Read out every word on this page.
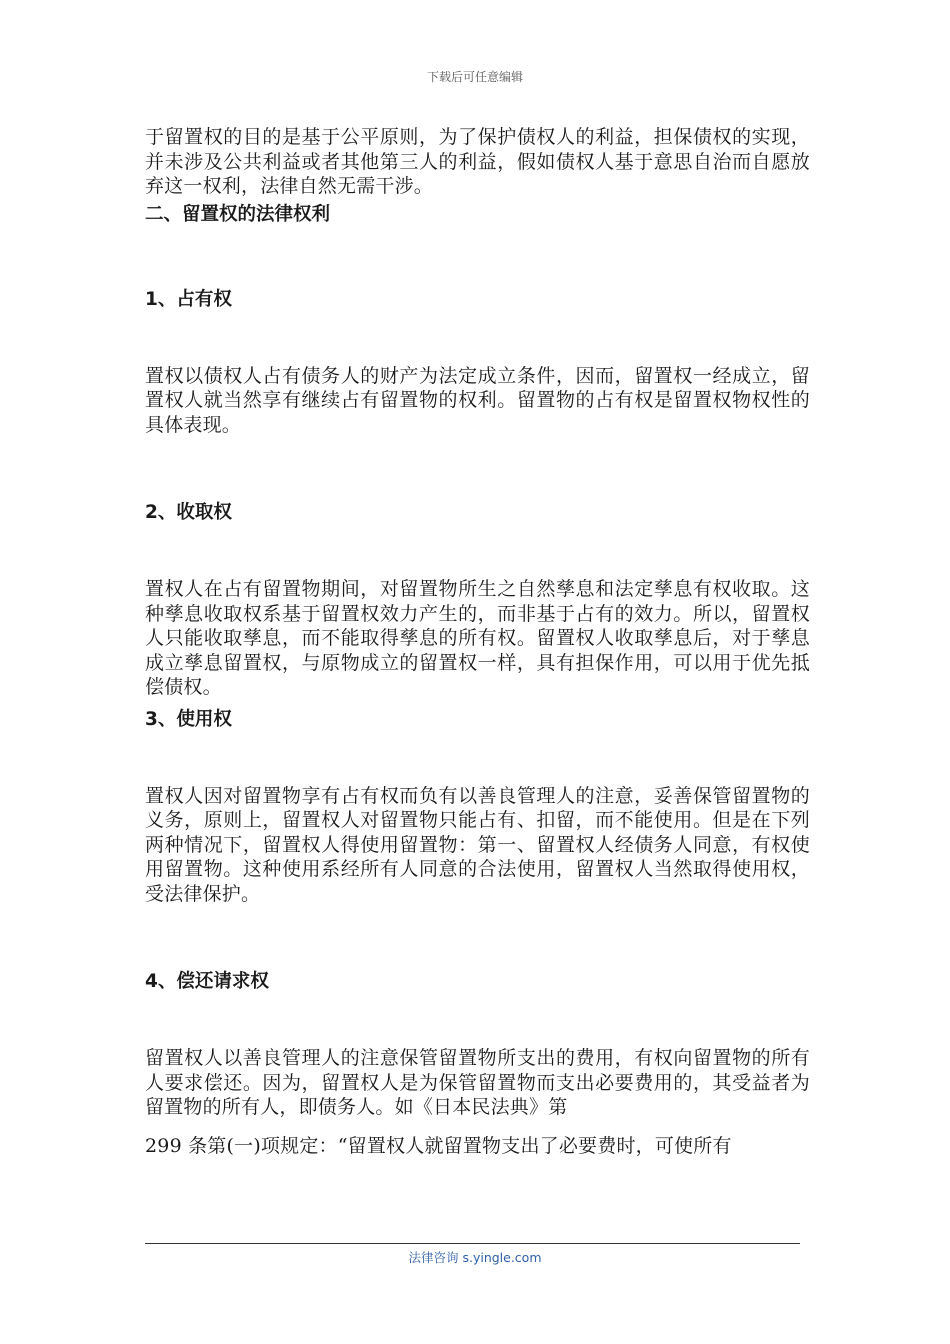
下载后可任意编辑

于留置权的目的是基于公平原则，为了保护债权人的利益，担保债权的实现，并未涉及公共利益或者其他第三人的利益，假如债权人基于意思自治而自愿放弃这一权利，法律自然无需干涉。

二、留置权的法律权利

1、占有权

置权以债权人占有债务人的财产为法定成立条件，因而，留置权一经成立，留置权人就当然享有继续占有留置物的权利。留置物的占有权是留置权物权性的具体表现。

2、收取权

置权人在占有留置物期间，对留置物所生之自然孳息和法定孳息有权收取。这种孳息收取权系基于留置权效力产生的，而非基于占有的效力。所以，留置权人只能收取孳息，而不能取得孳息的所有权。留置权人收取孳息后，对于孳息成立孳息留置权，与原物成立的留置权一样，具有担保作用，可以用于优先抵偿债权。

3、使用权

置权人因对留置物享有占有权而负有以善良管理人的注意，妥善保管留置物的义务，原则上，留置权人对留置物只能占有、扣留，而不能使用。但是在下列两种情况下，留置权人得使用留置物：第一、留置权人经债务人同意，有权使用留置物。这种使用系经所有人同意的合法使用，留置权人当然取得使用权，受法律保护。

4、偿还请求权

留置权人以善良管理人的注意保管留置物所支出的费用，有权向留置物的所有人要求偿还。因为，留置权人是为保管留置物而支出必要费用的，其受益者为留置物的所有人，即债务人。如《日本民法典》第

299 条第(一)项规定：“留置权人就留置物支出了必要费时，可使所有

法律咨询 s.yingle.com
